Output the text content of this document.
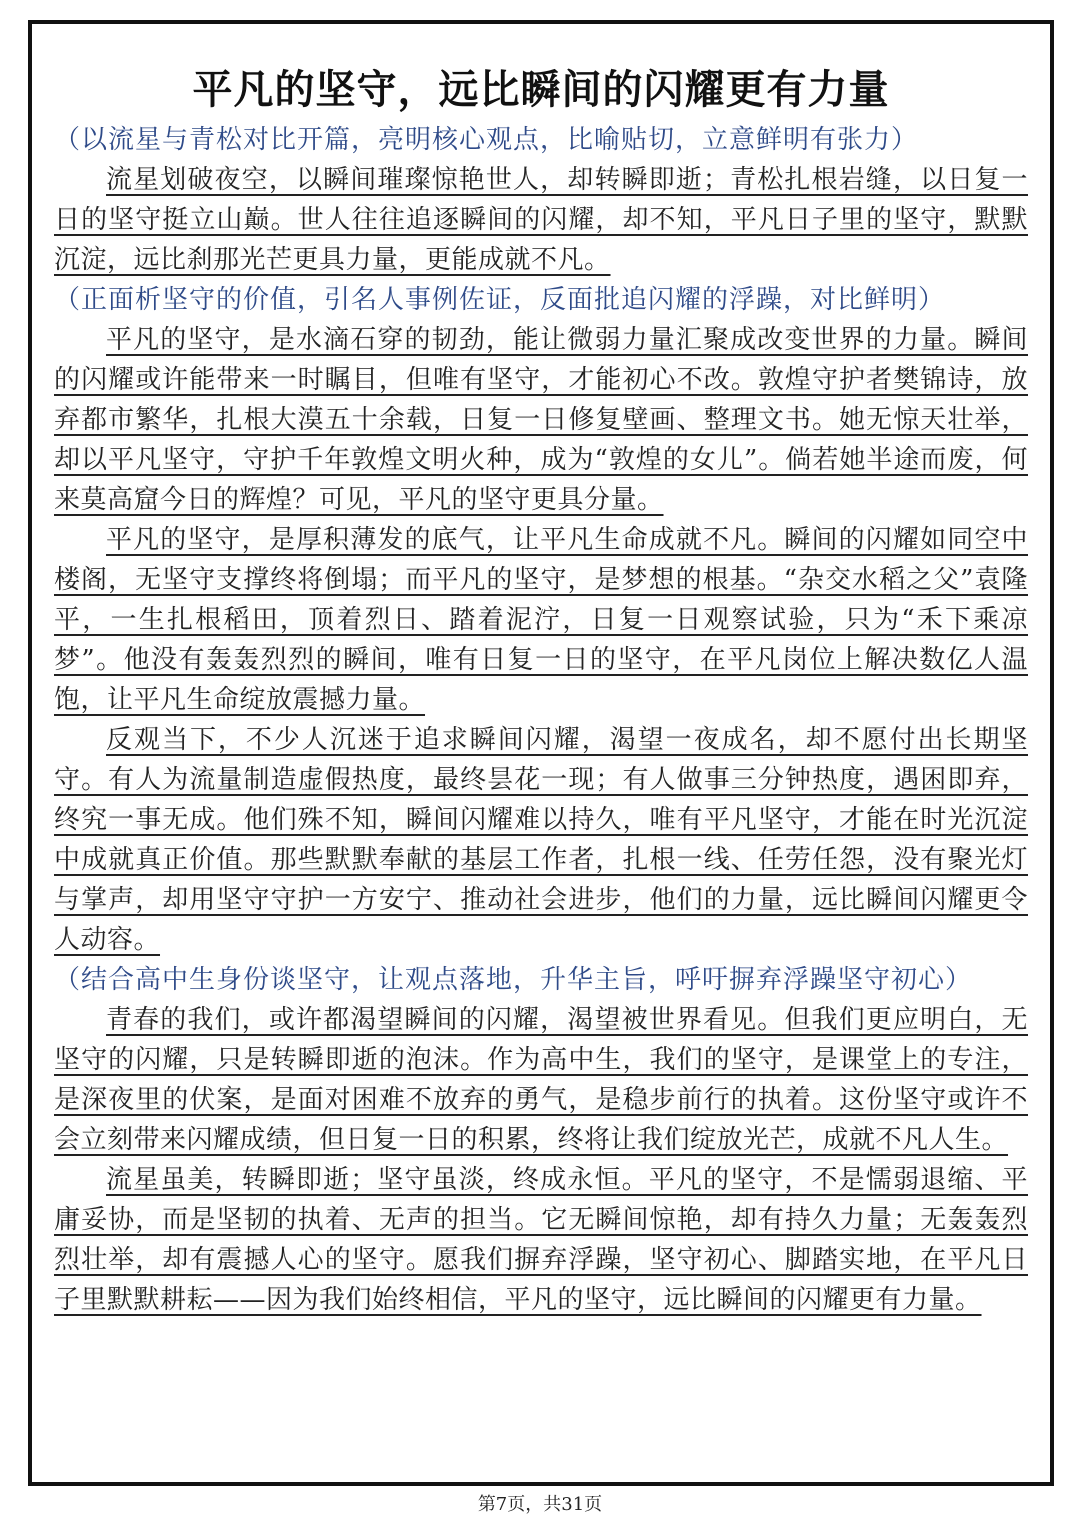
平凡的坚守，远比瞬间的闪耀更有力量

（以流星与青松对比开篇，亮明核心观点，比喻贴切，立意鲜明有张力）

流星划破夜空，以瞬间璀璨惊艳世人，却转瞬即逝；青松扎根岩缝，以日复一日的坚守挺立山巅。世人往往追逐瞬间的闪耀，却不知，平凡日子里的坚守，默默沉淀，远比刹那光芒更具力量，更能成就不凡。

（正面析坚守的价值，引名人事例佐证，反面批追闪耀的浮躁，对比鲜明）

平凡的坚守，是水滴石穿的韧劲，能让微弱力量汇聚成改变世界的力量。瞬间的闪耀或许能带来一时瞩目，但唯有坚守，才能初心不改。敦煌守护者樊锦诗，放弃都市繁华，扎根大漠五十余载，日复一日修复壁画、整理文书。她无惊天壮举，却以平凡坚守，守护千年敦煌文明火种，成为“敦煌的女儿”。倘若她半途而废，何来莫高窟今日的辉煌？可见，平凡的坚守更具分量。

平凡的坚守，是厚积薄发的底气，让平凡生命成就不凡。瞬间的闪耀如同空中楼阁，无坚守支撑终将倒塌；而平凡的坚守，是梦想的根基。“杂交水稻之父”袁隆平，一生扎根稻田，顶着烈日、踏着泥泞，日复一日观察试验，只为“禾下乘凉梦”。他没有轰轰烈烈的瞬间，唯有日复一日的坚守，在平凡岗位上解决数亿人温饱，让平凡生命绽放震撼力量。

反观当下，不少人沉迷于追求瞬间闪耀，渴望一夜成名，却不愿付出长期坚守。有人为流量制造虚假热度，最终昙花一现；有人做事三分钟热度，遇困即弃，终究一事无成。他们殊不知，瞬间闪耀难以持久，唯有平凡坚守，才能在时光沉淀中成就真正价值。那些默默奉献的基层工作者，扎根一线、任劳任怨，没有聚光灯与掌声，却用坚守守护一方安宁、推动社会进步，他们的力量，远比瞬间闪耀更令人动容。

（结合高中生身份谈坚守，让观点落地，升华主旨，呼吁摒弃浮躁坚守初心）

青春的我们，或许都渴望瞬间的闪耀，渴望被世界看见。但我们更应明白，无坚守的闪耀，只是转瞬即逝的泡沫。作为高中生，我们的坚守，是课堂上的专注，是深夜里的伏案，是面对困难不放弃的勇气，是稳步前行的执着。这份坚守或许不会立刻带来闪耀成绩，但日复一日的积累，终将让我们绽放光芒，成就不凡人生。

流星虽美，转瞬即逝；坚守虽淡，终成永恒。平凡的坚守，不是懦弱退缩、平庸妥协，而是坚韧的执着、无声的担当。它无瞬间惊艳，却有持久力量；无轰轰烈烈壮举，却有震撼人心的坚守。愿我们摒弃浮躁，坚守初心、脚踏实地，在平凡日子里默默耕耘——因为我们始终相信，平凡的坚守，远比瞬间的闪耀更有力量。

第7页，共31页
